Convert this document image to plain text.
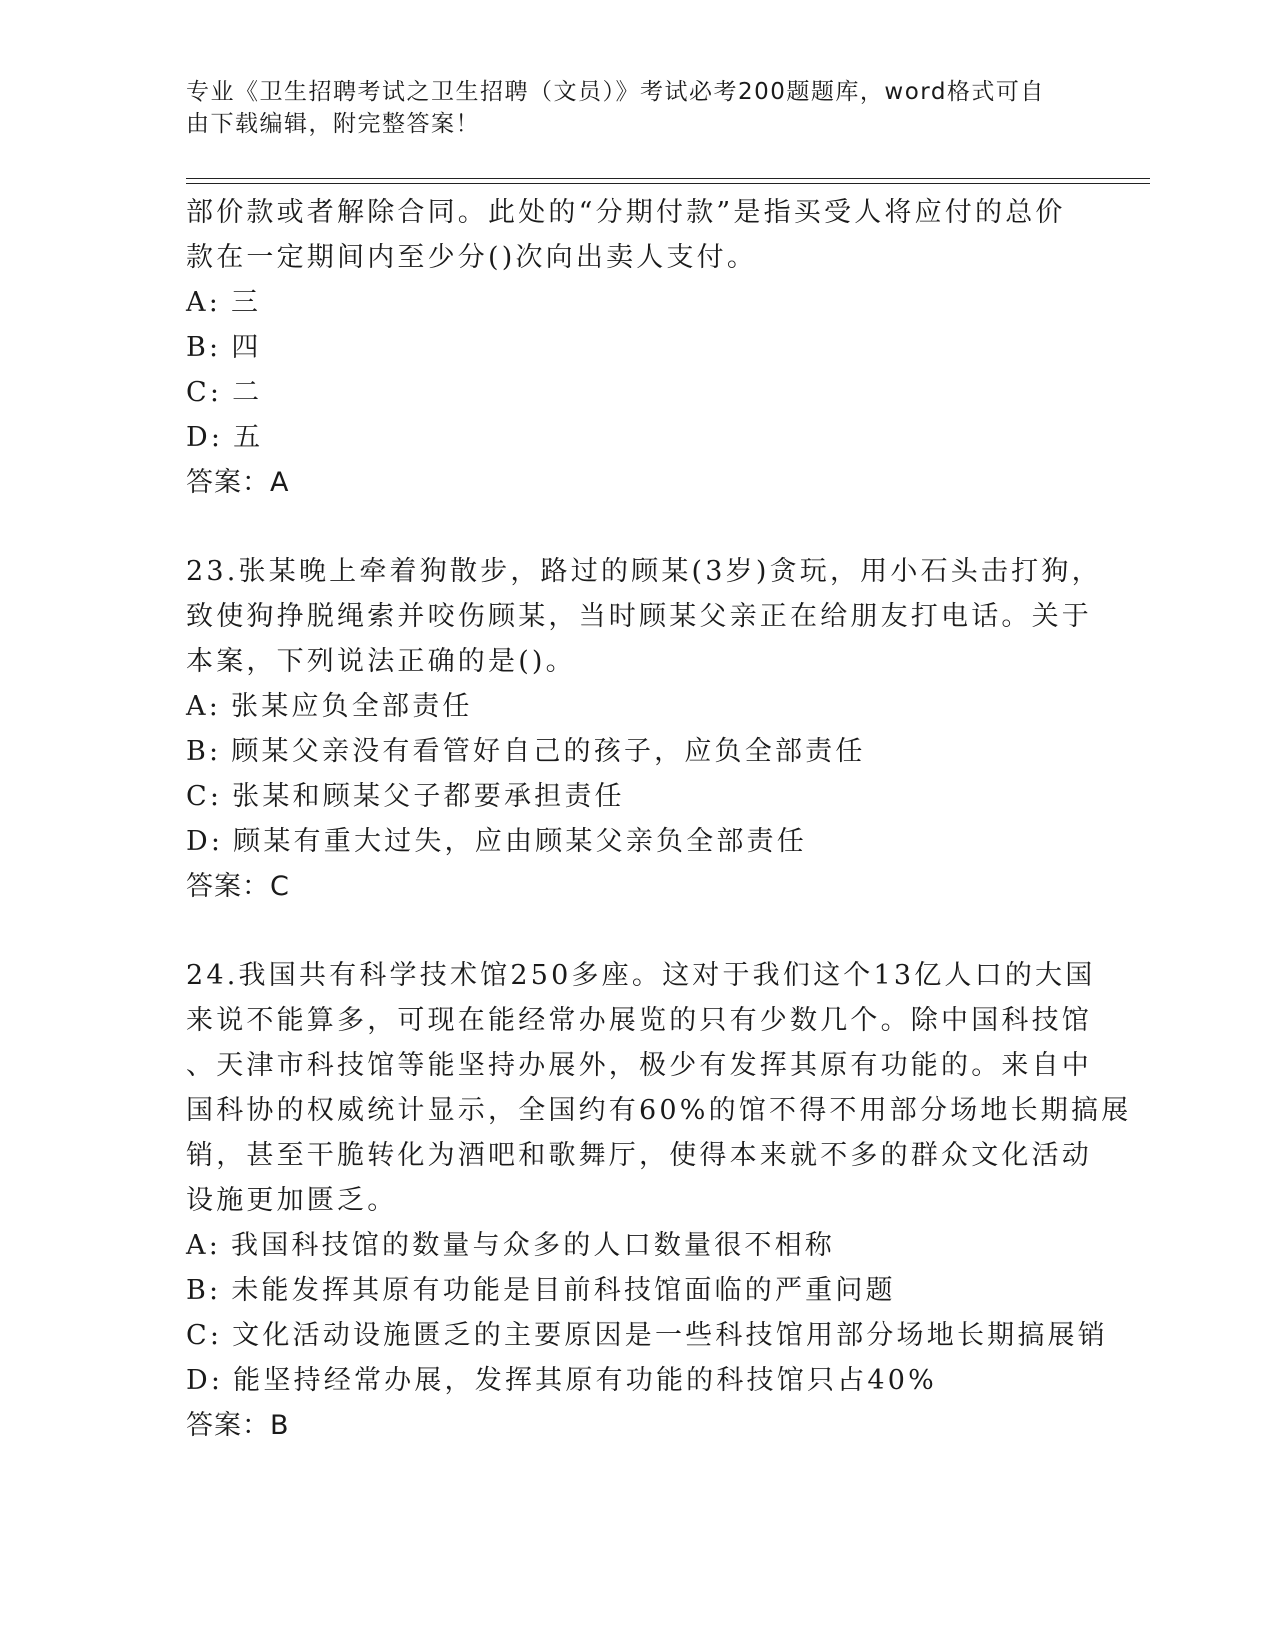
专业《卫生招聘考试之卫生招聘（文员）》考试必考200题题库，word格式可自
由下载编辑，附完整答案！
部价款或者解除合同。此处的“分期付款”是指买受人将应付的总价
款在一定期间内至少分()次向出卖人支付。
A: 三
B: 四
C: 二
D: 五
答案：A
23.张某晚上牵着狗散步，路过的顾某(3岁)贪玩，用小石头击打狗，
致使狗挣脱绳索并咬伤顾某，当时顾某父亲正在给朋友打电话。关于
本案，下列说法正确的是()。
A: 张某应负全部责任
B: 顾某父亲没有看管好自己的孩子，应负全部责任
C: 张某和顾某父子都要承担责任
D: 顾某有重大过失，应由顾某父亲负全部责任
答案：C
24.我国共有科学技术馆250多座。这对于我们这个13亿人口的大国
来说不能算多，可现在能经常办展览的只有少数几个。除中国科技馆
、天津市科技馆等能坚持办展外，极少有发挥其原有功能的。来自中
国科协的权威统计显示，全国约有60%的馆不得不用部分场地长期搞展
销，甚至干脆转化为酒吧和歌舞厅，使得本来就不多的群众文化活动
设施更加匮乏。
A: 我国科技馆的数量与众多的人口数量很不相称
B: 未能发挥其原有功能是目前科技馆面临的严重问题
C: 文化活动设施匮乏的主要原因是一些科技馆用部分场地长期搞展销
D: 能坚持经常办展，发挥其原有功能的科技馆只占40%
答案：B
